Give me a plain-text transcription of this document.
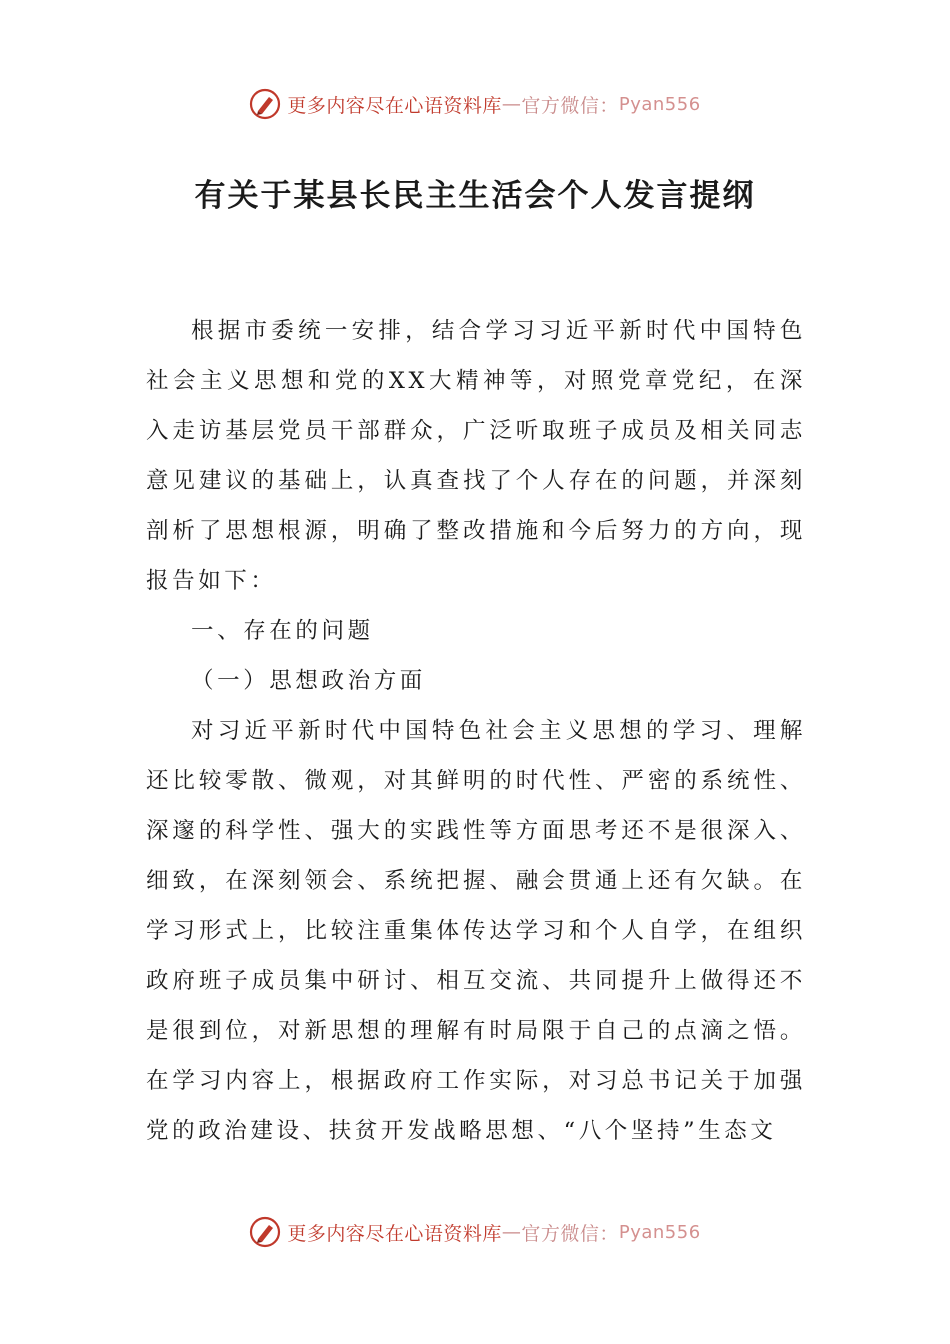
更多内容尽在心语资料库 — 官方微信： Pyan556
有关于某县长民主生活会个人发言提纲

根据市委统一安排，结合学习习近平新时代中国特色社会主义思想和党的XX大精神等，对照党章党纪，在深入走访基层党员干部群众，广泛听取班子成员及相关同志意见建议的基础上，认真查找了个人存在的问题，并深刻剖析了思想根源，明确了整改措施和今后努力的方向，现报告如下：

一、存在的问题

（一）思想政治方面

对习近平新时代中国特色社会主义思想的学习、理解还比较零散、微观，对其鲜明的时代性、严密的系统性、深邃的科学性、强大的实践性等方面思考还不是很深入、细致，在深刻领会、系统把握、融会贯通上还有欠缺。在学习形式上，比较注重集体传达学习和个人自学，在组织政府班子成员集中研讨、相互交流、共同提升上做得还不是很到位，对新思想的理解有时局限于自己的点滴之悟。在学习内容上，根据政府工作实际，对习总书记关于加强党的政治建设、扶贫开发战略思想、“八个坚持”生态文

更多内容尽在心语资料库 — 官方微信： Pyan556
